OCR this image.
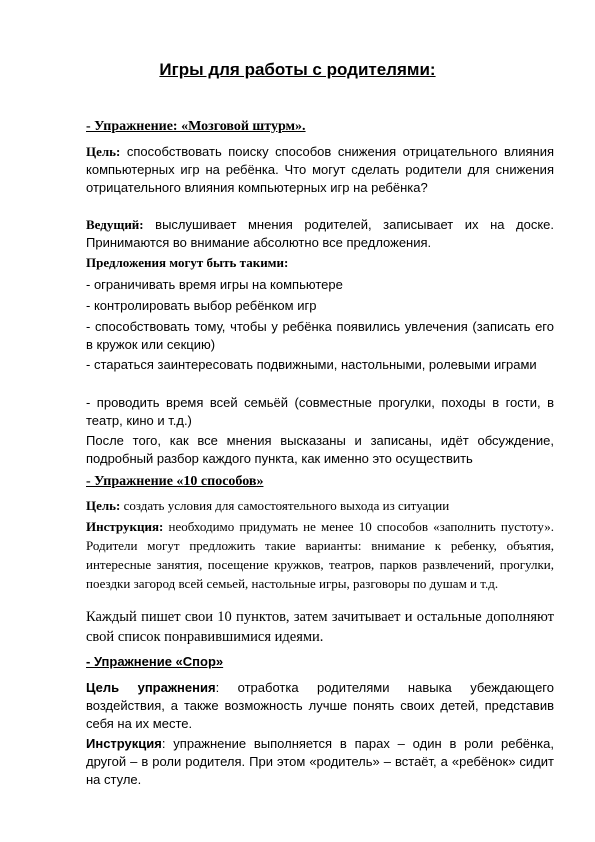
Игры для работы с родителями:

- Упражнение: «Мозговой штурм».

Цель: способствовать поиску способов снижения отрицательного влияния компьютерных игр на ребёнка. Что могут сделать родители для снижения отрицательного влияния компьютерных игр на ребёнка?

Ведущий: выслушивает мнения родителей, записывает их на доске. Принимаются во внимание абсолютно все предложения.

Предложения могут быть такими:

- ограничивать время игры на компьютере

- контролировать выбор ребёнком игр

- способствовать тому, чтобы у ребёнка появились увлечения (записать его в кружок или секцию)

- стараться заинтересовать подвижными, настольными, ролевыми играми

- проводить время всей семьёй (совместные прогулки, походы в гости, в театр, кино и т.д.)

После того, как все мнения высказаны и записаны, идёт обсуждение, подробный разбор каждого пункта, как именно это осуществить

- Упражнение «10 способов»

Цель: создать условия для самостоятельного выхода из ситуации

Инструкция: необходимо придумать не менее 10 способов «заполнить пустоту». Родители могут предложить такие варианты: внимание к ребенку, объятия, интересные занятия, посещение кружков, театров, парков развлечений, прогулки, поездки загород всей семьей, настольные игры, разговоры по душам и т.д.

Каждый пишет свои 10 пунктов, затем зачитывает и остальные дополняют свой список понравившимися идеями.

- Упражнение «Спор»

Цель упражнения: отработка родителями навыка убеждающего воздействия, а также возможность лучше понять своих детей, представив себя на их месте.

Инструкция: упражнение выполняется в парах – один в роли ребёнка, другой – в роли родителя. При этом «родитель» – встаёт, а «ребёнок» сидит на стуле.
